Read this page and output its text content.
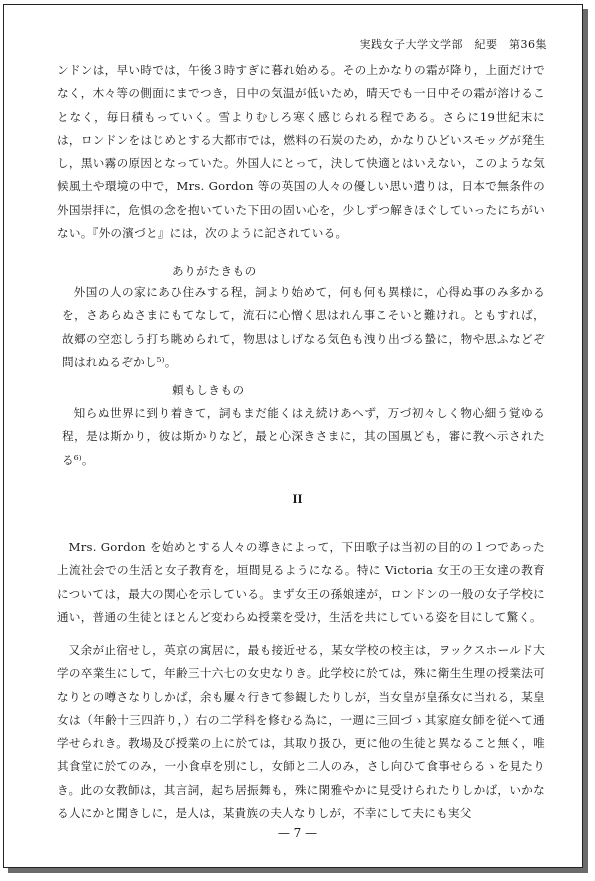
実践女子大学文学部　紀要　第36集

ンドンは，早い時では，午後３時すぎに暮れ始める。その上かなりの霜が降り，上面だけでなく，木々等の側面にまでつき，日中の気温が低いため，晴天でも一日中その霜が溶けることなく，毎日積もっていく。雪よりむしろ寒く感じられる程である。さらに19世紀末には，ロンドンをはじめとする大都市では，燃料の石炭のため，かなりひどいスモッグが発生し，黒い霧の原因となっていた。外国人にとって，決して快適とはいえない，このような気候風土や環境の中で，Mrs. Gordon 等の英国の人々の優しい思い遣りは，日本で無条件の外国崇拝に，危惧の念を抱いていた下田の固い心を，少しずつ解きほぐしていったにちがいない。『外の濱づと』には，次のように記されている。

ありがたきもの

外国の人の家にあひ住みする程，詞より始めて，何も何も異様に，心得ぬ事のみ多かるを，さあらぬさまにもてなして，流石に心憎く思はれん事こそいと難けれ。ともすれば，故郷の空恋しう打ち眺められて，物思はしげなる気色も洩り出づる蟄に，物や思ふなどぞ問はれぬるぞかし⁵⁾。

頼もしきもの

知らぬ世界に到り着きて，詞もまだ能くはえ続けあへず，万づ初々しく物心細う覚ゆる程，是は斯かり，彼は斯かりなど，最と心深きさまに，其の国風ども，審に教へ示されたる⁶⁾。

II

Mrs. Gordon を始めとする人々の導きによって，下田歌子は当初の目的の１つであった上流社会での生活と女子教育を，垣間見るようになる。特に Victoria 女王の王女達の教育については，最大の関心を示している。まず女王の孫娘達が，ロンドンの一般の女子学校に通い，普通の生徒とほとんど変わらぬ授業を受け，生活を共にしている姿を目にして驚く。

又余が止宿せし，英京の寓居に，最も接近せる，某女学校の校主は，ヲックスホールド大学の卒業生にして，年齢三十六七の女史なりき。此学校に於ては，殊に衛生生理の授業法可なりとの噂さなりしかば，余も屢々行きて参観したりしが，当女皇が皇孫女に当れる，某皇女は（年齢十三四許り，）右の二学科を修むる為に，一週に三回づゝ其家庭女師を従へて通学せられき。教場及び授業の上に於ては，其取り扱ひ，更に他の生徒と異なること無く，唯其食堂に於てのみ，一小食卓を別にし，女師と二人のみ，さし向ひて食事せらるゝを見たりき。此の女教師は，其言詞，起ち居振舞も，殊に閑雅やかに見受けられたりしかば，いかなる人にかと聞きしに，是人は，某貴族の夫人なりしが，不幸にして夫にも実父

— 7 —
